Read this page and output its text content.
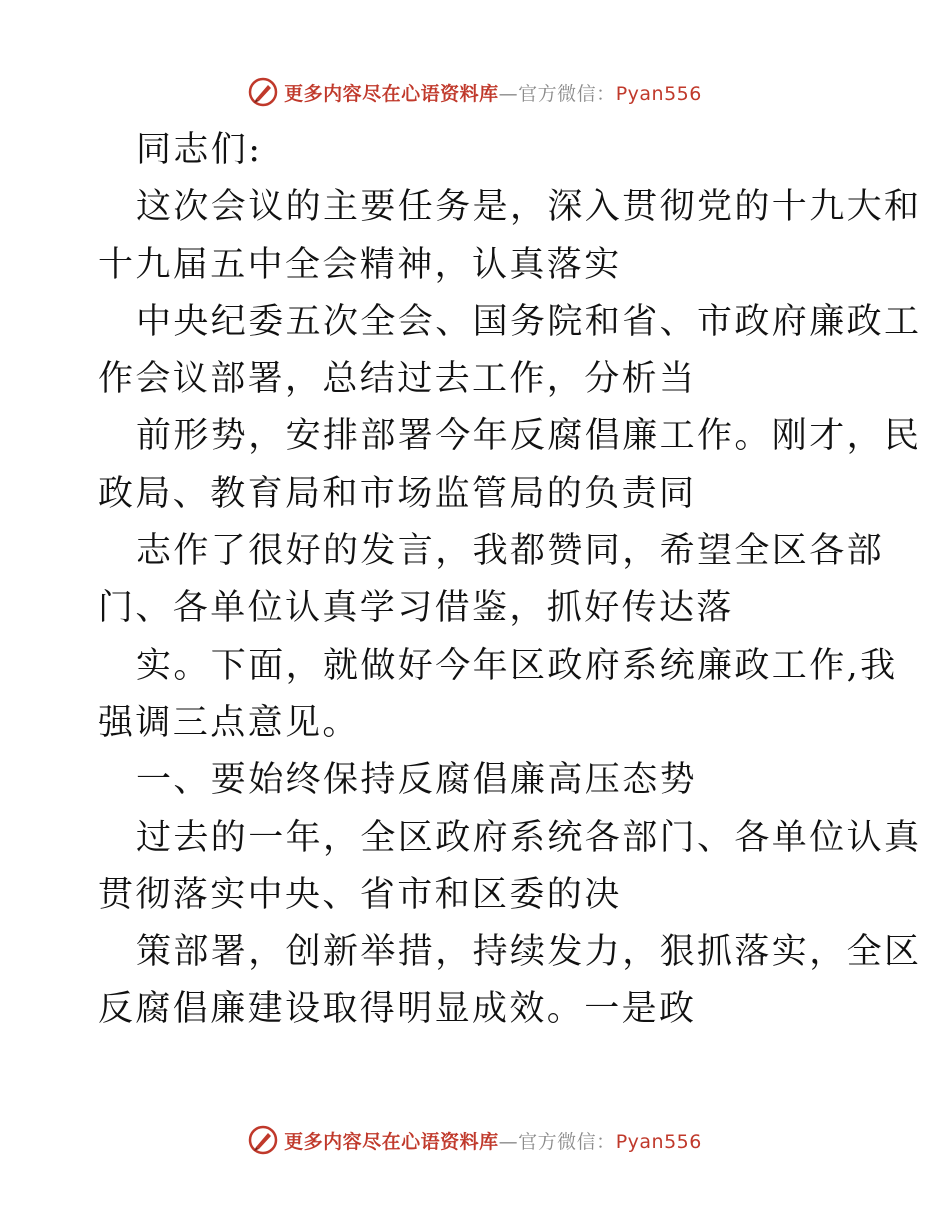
更多内容尽在心语资料库—官方微信：Pyan556
同志们:
这次会议的主要任务是，深入贯彻党的十九大和
十九届五中全会精神，认真落实
中央纪委五次全会、国务院和省、市政府廉政工
作会议部署，总结过去工作，分析当
前形势，安排部署今年反腐倡廉工作。刚才，民
政局、教育局和市场监管局的负责同
志作了很好的发言，我都赞同，希望全区各部
门、各单位认真学习借鉴，抓好传达落
实。下面，就做好今年区政府系统廉政工作,我
强调三点意见。
一、要始终保持反腐倡廉高压态势
过去的一年，全区政府系统各部门、各单位认真
贯彻落实中央、省市和区委的决
策部署，创新举措，持续发力，狠抓落实，全区
反腐倡廉建设取得明显成效。一是政
更多内容尽在心语资料库—官方微信：Pyan556
